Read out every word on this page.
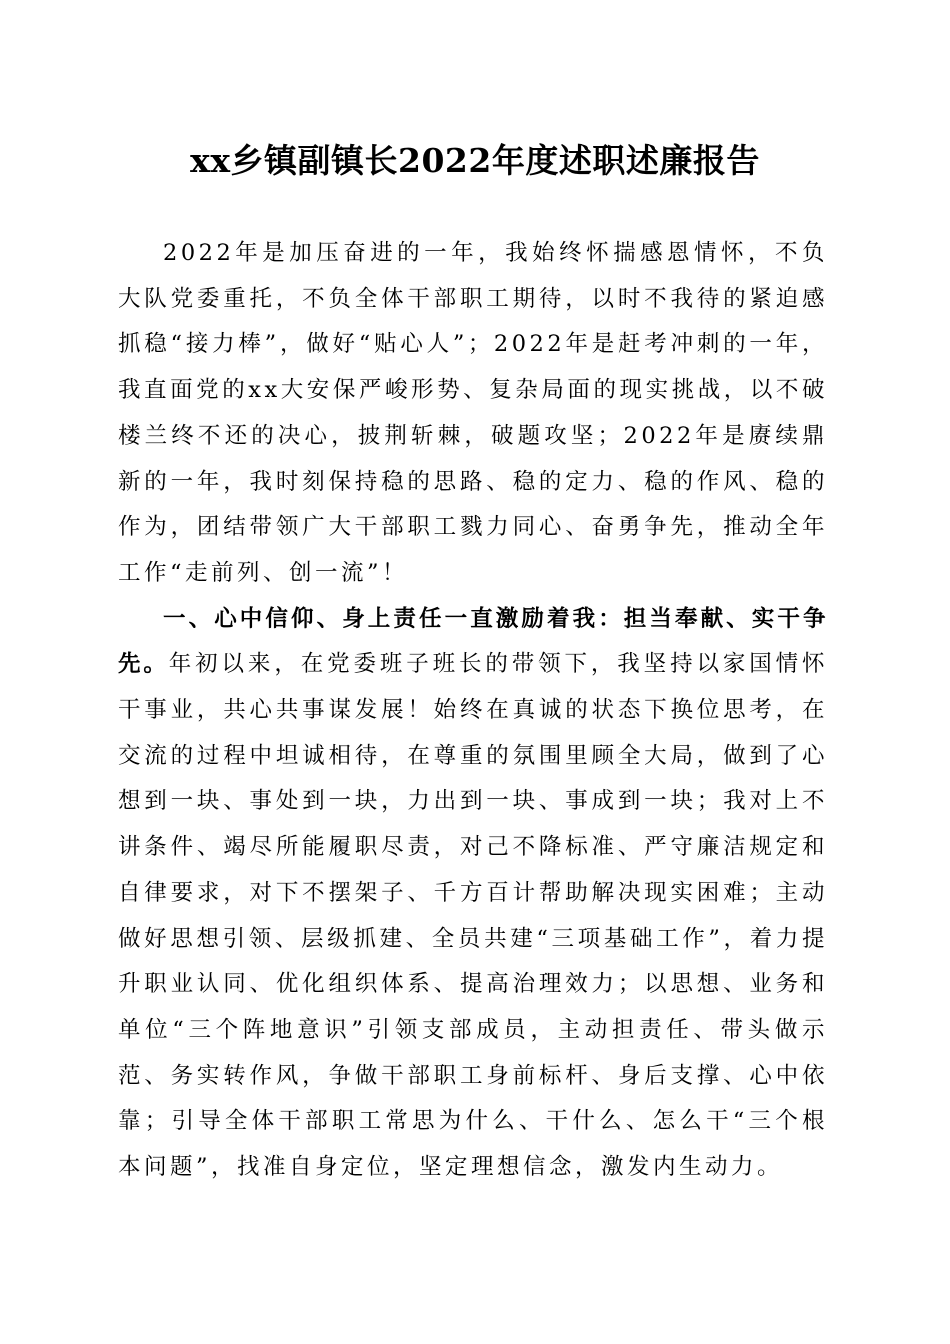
xx乡镇副镇长2022年度述职述廉报告

2022年是加压奋进的一年，我始终怀揣感恩情怀，不负大队党委重托，不负全体干部职工期待，以时不我待的紧迫感抓稳“接力棒”，做好“贴心人”；2022年是赶考冲刺的一年，我直面党的xx大安保严峻形势、复杂局面的现实挑战，以不破楼兰终不还的决心，披荆斩棘，破题攻坚；2022年是赓续鼎新的一年，我时刻保持稳的思路、稳的定力、稳的作风、稳的作为，团结带领广大干部职工戮力同心、奋勇争先，推动全年工作“走前列、创一流”！

一、心中信仰、身上责任一直激励着我：担当奉献、实干争先。年初以来，在党委班子班长的带领下，我坚持以家国情怀干事业，共心共事谋发展！始终在真诚的状态下换位思考，在交流的过程中坦诚相待，在尊重的氛围里顾全大局，做到了心想到一块、事处到一块，力出到一块、事成到一块；我对上不讲条件、竭尽所能履职尽责，对己不降标准、严守廉洁规定和自律要求，对下不摆架子、千方百计帮助解决现实困难；主动做好思想引领、层级抓建、全员共建“三项基础工作”，着力提升职业认同、优化组织体系、提高治理效力；以思想、业务和单位“三个阵地意识”引领支部成员，主动担责任、带头做示范、务实转作风，争做干部职工身前标杆、身后支撑、心中依靠；引导全体干部职工常思为什么、干什么、怎么干“三个根本问题”，找准自身定位，坚定理想信念，激发内生动力。
